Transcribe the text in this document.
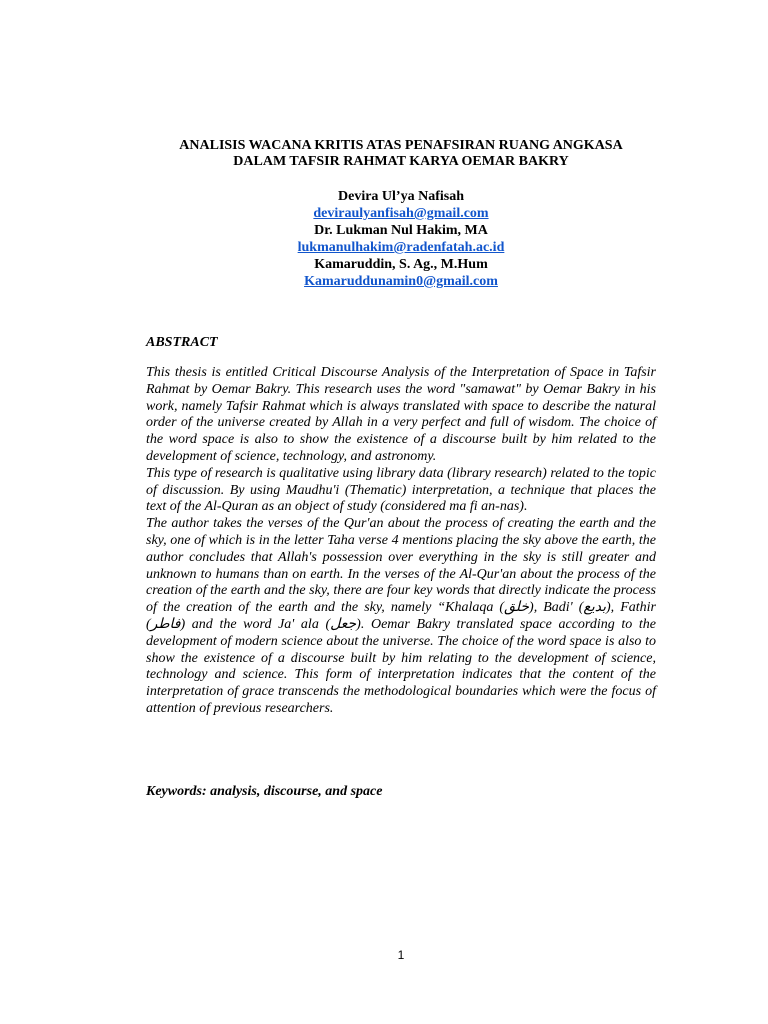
ANALISIS WACANA KRITIS ATAS PENAFSIRAN RUANG ANGKASA
DALAM TAFSIR RAHMAT KARYA OEMAR BAKRY
Devira Ul’ya Nafisah
deviraulyanfisah@gmail.com
Dr. Lukman Nul Hakim, MA
lukmanulhakim@radenfatah.ac.id
Kamaruddin, S. Ag., M.Hum
Kamaruddunamin0@gmail.com
ABSTRACT

This thesis is entitled Critical Discourse Analysis of the Interpretation of Space in Tafsir Rahmat by Oemar Bakry. This research uses the word "samawat" by Oemar Bakry in his work, namely Tafsir Rahmat which is always translated with space to describe the natural order of the universe created by Allah in a very perfect and full of wisdom. The choice of the word space is also to show the existence of a discourse built by him related to the development of science, technology, and astronomy.

This type of research is qualitative using library data (library research) related to the topic of discussion. By using Maudhu'i (Thematic) interpretation, a technique that places the text of the Al-Quran as an object of study (considered ma fi an-nas).

The author takes the verses of the Qur'an about the process of creating the earth and the sky, one of which is in the letter Taha verse 4 mentions placing the sky above the earth, the author concludes that Allah's possession over everything in the sky is still greater and unknown to humans than on earth. In the verses of the Al-Qur'an about the process of the creation of the earth and the sky, there are four key words that directly indicate the process of the creation of the earth and the sky, namely “Khalaqa (خلق), Badi' (بديع), Fathir (فاطر) and the word Ja' ala (جعل). Oemar Bakry translated space according to the development of modern science about the universe. The choice of the word space is also to show the existence of a discourse built by him relating to the development of science, technology and science. This form of interpretation indicates that the content of the interpretation of grace transcends the methodological boundaries which were the focus of attention of previous researchers.

Keywords: analysis, discourse, and space
1
